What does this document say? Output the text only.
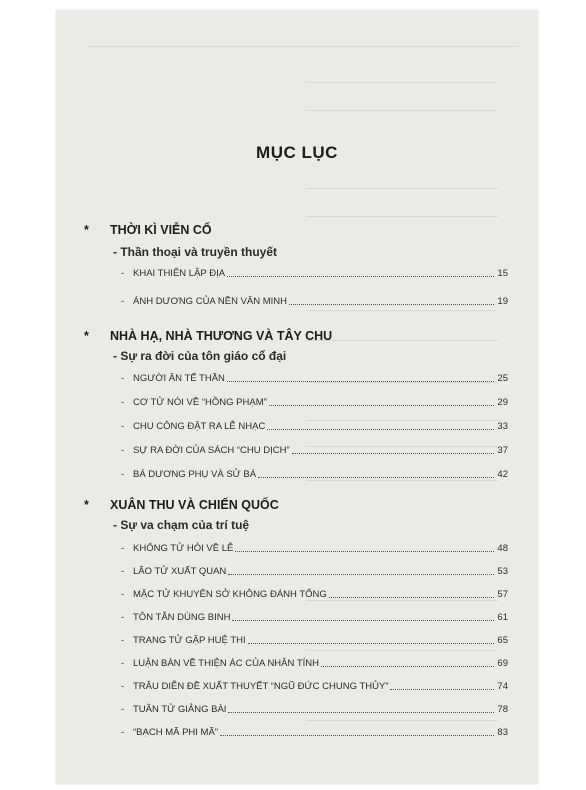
MỤC LỤC
* THỜI KÌ VIỄN CỔ
- Thần thoại và truyền thuyết
- KHAI THIÊN LẬP ĐỊA	15
- ÁNH DƯƠNG CỦA NỀN VĂN MINH	19
* NHÀ HẠ, NHÀ THƯƠNG VÀ TÂY CHU
- Sự ra đời của tôn giáo cổ đại
- NGƯỜI ĂN TẾ THẦN	25
- CƠ TỬ NÓI VỀ “HỒNG PHẠM”	29
- CHU CÔNG ĐẶT RA LỄ NHẠC	33
- SỰ RA ĐỜI CỦA SÁCH “CHU DỊCH”	37
- BÁ DƯƠNG PHỤ VÀ SỬ BÁ	42
* XUÂN THU VÀ CHIẾN QUỐC
- Sự va chạm của trí tuệ
- KHỔNG TỬ HỎI VỀ LỄ	48
- LÃO TỬ XUẤT QUAN	53
- MẶC TỬ KHUYÊN SỞ KHÔNG ĐÁNH TỐNG	57
- TÔN TẪN DÙNG BINH	61
- TRANG TỬ GẶP HUỆ THI	65
- LUẬN BÀN VỀ THIỆN ÁC CỦA NHÂN TÍNH	69
- TRÂU DIỄN ĐỀ XUẤT THUYẾT “NGŨ ĐỨC CHUNG THỦY”	74
- TUÂN TỬ GIẢNG BÀI	78
- “BẠCH MÃ PHI MÃ”	83
